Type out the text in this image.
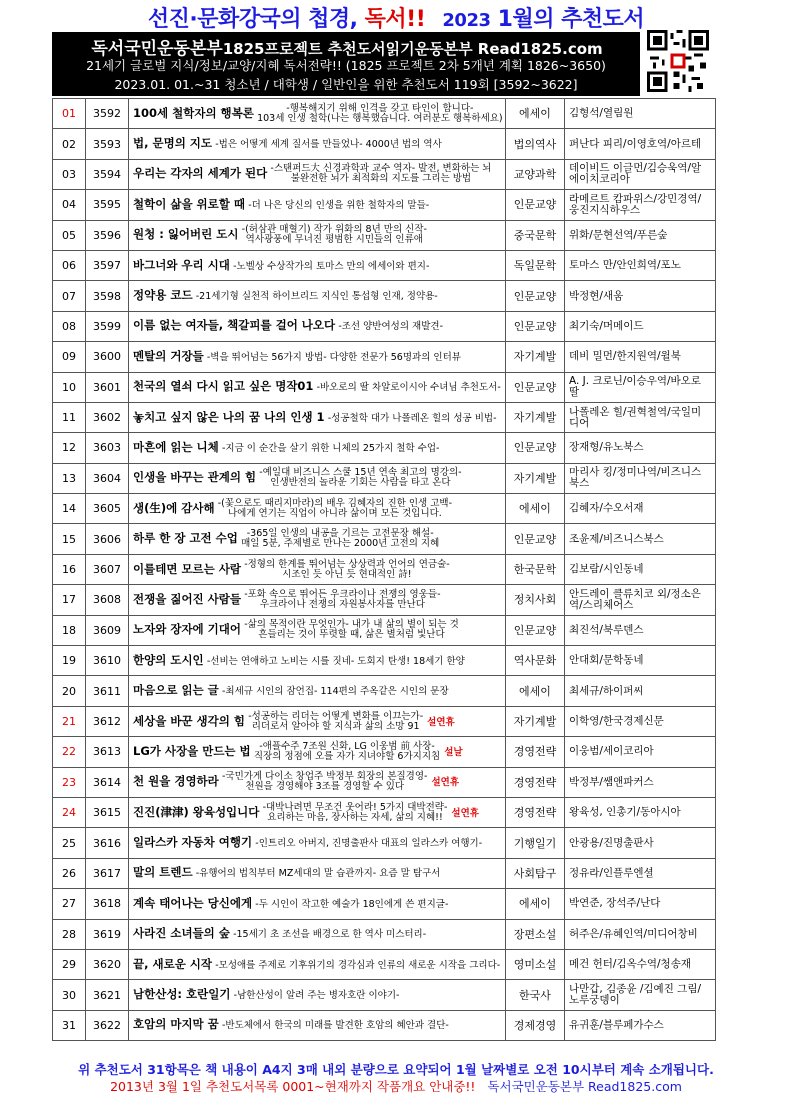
선진·문화강국의 첩경, 독서!! 2023 1월의 추천도서
독서국민운동본부1825프로젝트 추천도서읽기운동본부 Read1825.com
21세기 글로벌 지식/정보/교양/지혜 독서전략!! (1825 프로젝트 2차 5개년 계획 1826~3650)
2023.01. 01.~31 청소년 / 대학생 / 일반인을 위한 추천도서 119회 [3592~3622]
01	3592	100세 철학자의 행복론 -행복해지기 위해 인격을 갖고 타인이 합니다-
103세 인생 철학(나는 행복했습니다. 여러분도 행복하세요)	에세이	김형석/열림원
02	3593	법, 문명의 지도 -법은 어떻게 세계 질서를 만들었나- 4000년 법의 역사	법의역사	퍼난다 피리/이영호역/아르테
03	3594	우리는 각자의 세계가 된다 -스탠퍼드大 신경과학과 교수 역자- 발전, 변화하는 뇌
불완전한 뇌가 최적화의 지도를 그리는 방법	교양과학	데이비드 이글먼/김승욱역/알에이치코리아
04	3595	철학이 삶을 위로할 때 -더 나은 당신의 인생을 위한 철학자의 말들-	인문교양	라메르트 캄파위스/강민경역/웅진지식하우스
05	3596	원청 : 잃어버린 도시 -(허삼관 매혈기) 작가 위화의 8년 만의 신작-
역사광풍에 무너진 평범한 시민들의 인류애	중국문학	위화/문현선역/푸른숲
06	3597	바그너와 우리 시대 -노벨상 수상작가의 토마스 만의 에세이와 편지-	독일문학	토마스 만/안인희역/포노
07	3598	정약용 코드 -21세기형 실천적 하이브리드 지식인 통섭형 인재, 정약용-	인문교양	박정현/새움
08	3599	이름 없는 여자들, 책갈피를 걸어 나오다 -조선 양반여성의 재발견-	인문교양	최기숙/머메이드
09	3600	멘탈의 거장들 -벽을 뛰어넘는 56가지 방법- 다양한 전문가 56명과의 인터뷰	자기계발	데비 밀먼/한지원역/윌북
10	3601	천국의 열쇠 다시 읽고 싶은 명작01 -바오로의 딸 차알로이시아 수녀님 추천도서-	인문교양	A. J. 크로닌/이승우역/바오로 딸
11	3602	놓치고 싶지 않은 나의 꿈 나의 인생 1 -성공철학 대가 나폴레온 힐의 성공 비법-	자기계발	나폴레온 힐/권혁철역/국일미디어
12	3603	마흔에 읽는 니체 -지금 이 순간을 살기 위한 니체의 25가지 철학 수업-	인문교양	장재형/유노북스
13	3604	인생을 바꾸는 관계의 힘 -예일대 비즈니스 스쿨 15년 연속 최고의 명강의-
인생반전의 놀라운 기회는 사람을 타고 온다	자기계발	마리사 킹/정미나역/비즈니스북스
14	3605	생(生)에 감사해 -(꽃으로도 때리지마라)의 배우 김혜자의 진한 인생 고백-
나에게 연기는 직업이 아니라 삶이며 모든 것입니다.	에세이	김혜자/수오서재
15	3606	하루 한 장 고전 수업 -365일 인생의 내공을 기르는 고전문장 해설-
매일 5분, 주제별로 만나는 2000년 고전의 지혜	인문교양	조윤제/비즈니스북스
16	3607	이를테면 모르는 사람 -정형의 한계를 뛰어넘는 상상력과 언어의 연금술-
시조인 듯 아닌 듯 현대적인 詩!	한국문학	김보람/시인동네
17	3608	전쟁을 짊어진 사람들 -포화 속으로 뛰어든 우크라이나 전쟁의 영웅들-
우크라이나 전쟁의 자원봉사자를 만난다	정치사회	안드레이 클류치코 외/정소은역/스리체어스
18	3609	노자와 장자에 기대어 -삶의 목적이란 무엇인가- 내가 내 삶의 별이 되는 것
흔들리는 것이 뚜렷할 때, 삶은 별처럼 빛난다	인문교양	최진석/북루덴스
19	3610	한양의 도시인 -선비는 연애하고 노비는 시를 짓네- 도회지 탄생! 18세기 한양	역사문화	안대회/문학동네
20	3611	마음으로 읽는 글 -최세규 시인의 잠언집- 114편의 주옥같은 시인의 문장	에세이	최세규/하이퍼씨
21	3612	세상을 바꾼 생각의 힘 -성공하는 리더는 어떻게 변화를 이끄는가-
리더로서 알아야 할 지식과 삶의 소망 91 설연휴	자기계발	이학영/한국경제신문
22	3613	LG가 사장을 만드는 법 -애플수주 7조원 신화, LG 이웅범 前 사장-
직장의 정점에 오를 자가 지녀야할 6가지지침 설날	경영전략	이웅범/세이코리아
23	3614	천 원을 경영하라 -국민가게 다이소 창업주 박정부 회장의 본질경영-
천원을 경영해야 3조를 경영할 수 있다 설연휴	경영전략	박정부/쌤앤파커스
24	3615	진진(津津) 왕육성입니다 -대박나려면 무조건 웃어라! 5가지 대박전략-
요리하는 마음, 장사하는 자세, 삶의 지혜!! 설연휴	경영전략	왕육성, 인총기/동아시아
25	3616	일라스카 자동차 여행기 -인트리오 아버지, 진명출판사 대표의 일라스카 여행기-	기행일기	안광용/진명출판사
26	3617	말의 트렌드 -유행어의 법칙부터 MZ세대의 말 습관까지- 요즘 말 탐구서	사회탐구	정유라/인플루엔셜
27	3618	계속 태어나는 당신에게 -두 시인이 작고한 예술가 18인에게 쓴 편지글-	에세이	박연준, 장석주/난다
28	3619	사라진 소녀들의 숲 -15세기 초 조선을 배경으로 한 역사 미스터리-	장편소설	허주은/유혜인역/미디어창비
29	3620	끝, 새로운 시작 -모성애를 주제로 기후위기의 경각심과 인류의 새로운 시작을 그리다-	영미소설	메건 헌터/김옥수역/청송재
30	3621	남한산성: 호란일기 -남한산성이 알려 주는 병자호란 이야기-	한국사	나만갑, 김종윤 /김예진 그림/노루궁뎅이
31	3622	호암의 마지막 꿈 -반도체에서 한국의 미래를 발견한 호암의 혜안과 결단-	경제경영	유귀훈/블루페가수스
위 추천도서 31항목은 책 내용이 A4지 3매 내외 분량으로 요약되어 1월 날짜별로 오전 10시부터 계속 소개됩니다.
2013년 3월 1일 추천도서목록 0001~현재까지 작품개요 안내중!! 독서국민운동본부 Read1825.com
